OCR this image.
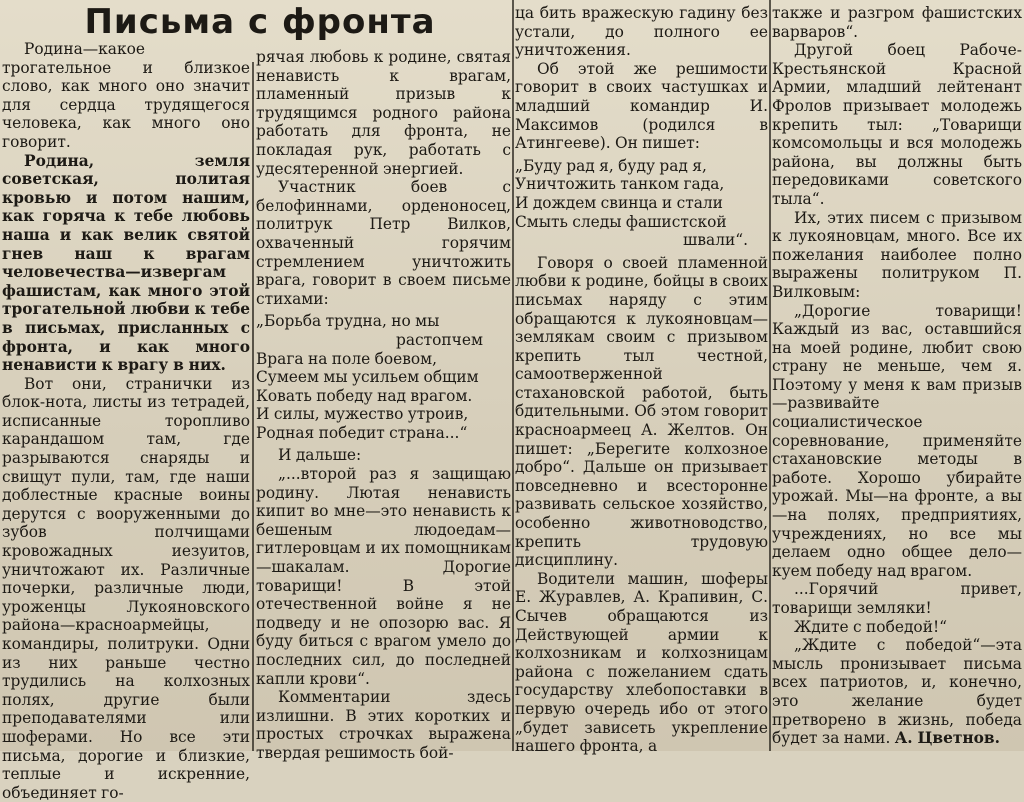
Письма с фронта

Родина—какое трогательное и близкое слово, как много оно значит для сердца трудящегося человека, как много оно говорит.

Родина, земля советская, политая кровью и потом нашим, как горяча к тебе любовь наша и как велик святой гнев наш к врагам человечества—извергам фашистам, как много этой трогательной любви к тебе в письмах, присланных с фронта, и как много ненависти к врагу в них.

Вот они, странички из блок-нота, листы из тетрадей, исписанные торопливо карандашом там, где разрываются снаряды и свищут пули, там, где наши доблестные красные воины дерутся с вооруженными до зубов полчищами кровожадных иезуитов, уничтожают их. Различные почерки, различные люди, уроженцы Лукояновского района—красноармейцы, командиры, политруки. Одни из них раньше честно трудились на колхозных полях, другие были преподавателями или шоферами. Но все эти письма, дорогие и близкие, теплые и искренние, объединяет го-

рячая любовь к родине, святая ненависть к врагам, пламенный призыв к трудящимся родного района работать для фронта, не покладая рук, работать с удесятеренной энергией.

Участник боев с белофиннами, орденоносец, политрук Петр Вилков, охваченный горячим стремлением уничтожить врага, говорит в своем письме стихами:

„Борьба трудна, но мы
растопчем
Врага на поле боевом,
Сумеем мы усильем общим
Ковать победу над врагом.
И силы, мужество утроив,
Родная победит страна...“

И дальше:

„...второй раз я защищаю родину. Лютая ненависть кипит во мне—это ненависть к бешеным людоедам—гитлеровцам и их помощникам—шакалам. Дорогие товарищи! В этой отечественной войне я не подведу и не опозорю вас. Я буду биться с врагом умело до последних сил, до последней капли крови“.

Комментарии здесь излишни. В этих коротких и простых строчках выражена твердая решимость бой-

ца бить вражескую гадину без устали, до полного ее уничтожения.

Об этой же решимости говорит в своих частушках и младший командир И. Максимов (родился в Атингееве). Он пишет:

„Буду рад я, буду рад я,
Уничтожить танком гада,
И дождем свинца и стали
Смыть следы фашистской
швали“.

Говоря о своей пламенной любви к родине, бойцы в своих письмах наряду с этим обращаются к лукояновцам—землякам своим с призывом крепить тыл честной, самоотверженной стахановской работой, быть бдительными. Об этом говорит красноармеец А. Желтов. Он пишет: „Берегите колхозное добро“. Дальше он призывает повседневно и всесторонне развивать сельское хозяйство, особенно животноводство, крепить трудовую дисциплину.

Водители машин, шоферы Е. Журавлев, А. Крапивин, С. Сычев обращаются из Действующей армии к колхозникам и колхозницам района с пожеланием сдать государству хлебопоставки в первую очередь ибо от этого „будет зависеть укрепление нашего фронта, а

также и разгром фашистских варваров“.

Другой боец Рабоче-Крестьянской Красной Армии, младший лейтенант Фролов призывает молодежь крепить тыл: „Товарищи комсомольцы и вся молодежь района, вы должны быть передовиками советского тыла“.

Их, этих писем с призывом к лукояновцам, много. Все их пожелания наиболее полно выражены политруком П. Вилковым:

„Дорогие товарищи! Каждый из вас, оставшийся на моей родине, любит свою страну не меньше, чем я. Поэтому у меня к вам призыв—развивайте социалистическое соревнование, применяйте стахановские методы в работе. Хорошо убирайте урожай. Мы—на фронте, а вы—на полях, предприятиях, учреждениях, но все мы делаем одно общее дело—куем победу над врагом.

...Горячий привет, товарищи земляки!

Ждите с победой!“

„Ждите с победой“—эта мысль пронизывает письма всех патриотов, и, конечно, это желание будет претворено в жизнь, победа будет за нами. А. Цветнов.
